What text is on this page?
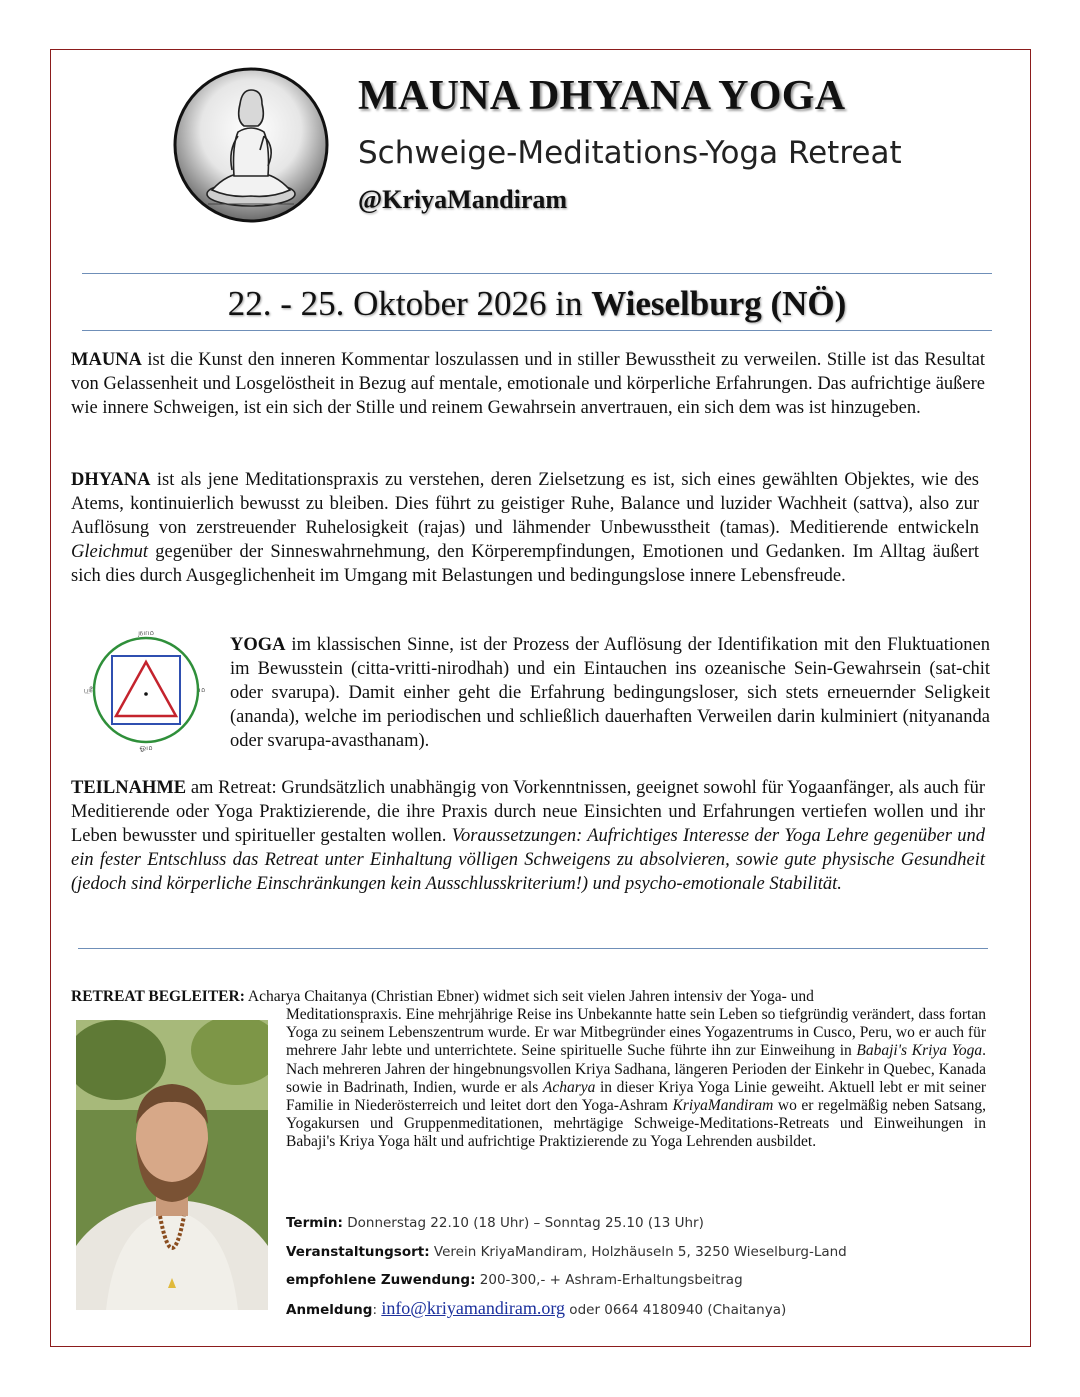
MAUNA DHYANA YOGA
Schweige-Meditations-Yoga Retreat
@KriyaMandiram
22. - 25. Oktober 2026 in Wieselburg (NÖ)
MAUNA ist die Kunst den inneren Kommentar loszulassen und in stiller Bewusstheit zu verweilen. Stille ist das Resultat von Gelassenheit und Losgelöstheit in Bezug auf mentale, emotionale und körperliche Erfahrungen. Das aufrichtige äußere wie innere Schweigen, ist ein sich der Stille und reinem Gewahrsein anvertrauen, ein sich dem was ist hinzugeben.
DHYANA ist als jene Meditationspraxis zu verstehen, deren Zielsetzung es ist, sich eines gewählten Objektes, wie des Atems, kontinuierlich bewusst zu bleiben. Dies führt zu geistiger Ruhe, Balance und luzider Wachheit (sattva), also zur Auflösung von zerstreuender Ruhelosigkeit (rajas) und lähmender Unbewusstheit (tamas). Meditierende entwickeln Gleichmut gegenüber der Sinneswahrnehmung, den Körperempfindungen, Emotionen und Gedanken. Im Alltag äußert sich dies durch Ausgeglichenheit im Umgang mit Belastungen und bedingungslose innere Lebensfreude.
நாம
ஓம
ஸ்ரீ	ம
YOGA im klassischen Sinne, ist der Prozess der Auflösung der Identifikation mit den Fluktuationen im Bewusstein (citta-vritti-nirodhah) und ein Eintauchen ins ozeanische Sein-Gewahrsein (sat-chit oder svarupa). Damit einher geht die Erfahrung bedingungsloser, sich stets erneuernder Seligkeit (ananda), welche im periodischen und schließlich dauerhaften Verweilen darin kulminiert (nityananda oder svarupa-avasthanam).
TEILNAHME am Retreat: Grundsätzlich unabhängig von Vorkenntnissen, geeignet sowohl für Yogaanfänger, als auch für Meditierende oder Yoga Praktizierende, die ihre Praxis durch neue Einsichten und Erfahrungen vertiefen wollen und ihr Leben bewusster und spiritueller gestalten wollen. Voraussetzungen: Aufrichtiges Interesse der Yoga Lehre gegenüber und ein fester Entschluss das Retreat unter Einhaltung völligen Schweigens zu absolvieren, sowie gute physische Gesundheit (jedoch sind körperliche Einschränkungen kein Ausschlusskriterium!) und psycho-emotionale Stabilität.
RETREAT BEGLEITER: Acharya Chaitanya (Christian Ebner) widmet sich seit vielen Jahren intensiv der Yoga- und
Meditationspraxis. Eine mehrjährige Reise ins Unbekannte hatte sein Leben so tiefgründig verändert, dass fortan Yoga zu seinem Lebenszentrum wurde. Er war Mitbegründer eines Yogazentrums in Cusco, Peru, wo er auch für mehrere Jahr lebte und unterrichtete. Seine spirituelle Suche führte ihn zur Einweihung in Babaji's Kriya Yoga. Nach mehreren Jahren der hingebnungsvollen Kriya Sadhana, längeren Perioden der Einkehr in Quebec, Kanada sowie in Badrinath, Indien, wurde er als Acharya in dieser Kriya Yoga Linie geweiht. Aktuell lebt er mit seiner Familie in Niederösterreich und leitet dort den Yoga-Ashram KriyaMandiram wo er regelmäßig neben Satsang, Yogakursen und Gruppenmeditationen, mehrtägige Schweige-Meditations-Retreats und Einweihungen in Babaji's Kriya Yoga hält und aufrichtige Praktizierende zu Yoga Lehrenden ausbildet.
Termin: Donnerstag 22.10 (18 Uhr) – Sonntag 25.10 (13 Uhr)
Veranstaltungsort: Verein KriyaMandiram, Holzhäuseln 5, 3250 Wieselburg-Land
empfohlene Zuwendung: 200-300,- + Ashram-Erhaltungsbeitrag
Anmeldung: info@kriyamandiram.org oder 0664 4180940 (Chaitanya)
